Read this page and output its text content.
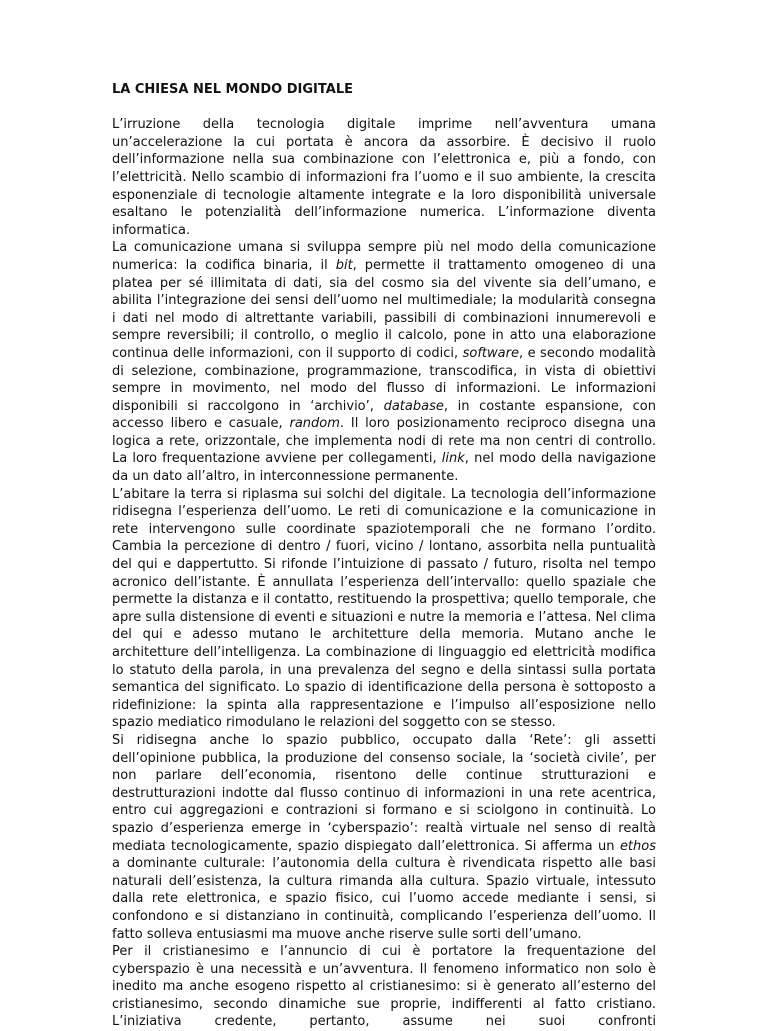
LA CHIESA NEL MONDO DIGITALE

L’irruzione della tecnologia digitale imprime nell’avventura umana un’accelerazione la cui portata è ancora da assorbire. È decisivo il ruolo dell’informazione nella sua combinazione con l’elettronica e, più a fondo, con l’elettricità. Nello scambio di informazioni fra l’uomo e il suo ambiente, la crescita esponenziale di tecnologie altamente integrate e la loro disponibilità universale esaltano le potenzialità dell’informazione numerica. L’informazione diventa informatica.

La comunicazione umana si sviluppa sempre più nel modo della comunicazione numerica: la codifica binaria, il bit, permette il trattamento omogeneo di una platea per sé illimitata di dati, sia del cosmo sia del vivente sia dell’umano, e abilita l’integrazione dei sensi dell’uomo nel multimediale; la modularità consegna i dati nel modo di altrettante variabili, passibili di combinazioni innumerevoli e sempre reversibili; il controllo, o meglio il calcolo, pone in atto una elaborazione continua delle informazioni, con il supporto di codici, software, e secondo modalità di selezione, combinazione, programmazione, transcodifica, in vista di obiettivi sempre in movimento, nel modo del flusso di informazioni. Le informazioni disponibili si raccolgono in ‘archivio’, database, in costante espansione, con accesso libero e casuale, random. Il loro posizionamento reciproco disegna una logica a rete, orizzontale, che implementa nodi di rete ma non centri di controllo. La loro frequentazione avviene per collegamenti, link, nel modo della navigazione da un dato all’altro, in interconnessione permanente.

L’abitare la terra si riplasma sui solchi del digitale. La tecnologia dell’informazione ridisegna l’esperienza dell’uomo. Le reti di comunicazione e la comunicazione in rete intervengono sulle coordinate spaziotemporali che ne formano l’ordito. Cambia la percezione di dentro / fuori, vicino / lontano, assorbita nella puntualità del qui e dappertutto. Si rifonde l’intuizione di passato / futuro, risolta nel tempo acronico dell’istante. È annullata l’esperienza dell’intervallo: quello spaziale che permette la distanza e il contatto, restituendo la prospettiva; quello temporale, che apre sulla distensione di eventi e situazioni e nutre la memoria e l’attesa. Nel clima del qui e adesso mutano le architetture della memoria. Mutano anche le architetture dell’intelligenza. La combinazione di linguaggio ed elettricità modifica lo statuto della parola, in una prevalenza del segno e della sintassi sulla portata semantica del significato. Lo spazio di identificazione della persona è sottoposto a ridefinizione: la spinta alla rappresentazione e l’impulso all’esposizione nello spazio mediatico rimodulano le relazioni del soggetto con se stesso.

Si ridisegna anche lo spazio pubblico, occupato dalla ‘Rete’: gli assetti dell’opinione pubblica, la produzione del consenso sociale, la ‘società civile’, per non parlare dell’economia, risentono delle continue strutturazioni e destrutturazioni indotte dal flusso continuo di informazioni in una rete acentrica, entro cui aggregazioni e contrazioni si formano e si sciolgono in continuità. Lo spazio d’esperienza emerge in ‘cyberspazio’: realtà virtuale nel senso di realtà mediata tecnologicamente, spazio dispiegato dall’elettronica. Si afferma un ethos a dominante culturale: l’autonomia della cultura è rivendicata rispetto alle basi naturali dell’esistenza, la cultura rimanda alla cultura. Spazio virtuale, intessuto dalla rete elettronica, e spazio fisico, cui l’uomo accede mediante i sensi, si confondono e si distanziano in continuità, complicando l’esperienza dell’uomo. Il fatto solleva entusiasmi ma muove anche riserve sulle sorti dell’umano.

Per il cristianesimo e l’annuncio di cui è portatore la frequentazione del cyberspazio è una necessità e un’avventura. Il fenomeno informatico non solo è inedito ma anche esogeno rispetto al cristianesimo: si è generato all’esterno del cristianesimo, secondo dinamiche sue proprie, indifferenti al fatto cristiano. L’iniziativa credente, pertanto, assume nei suoi confronti
